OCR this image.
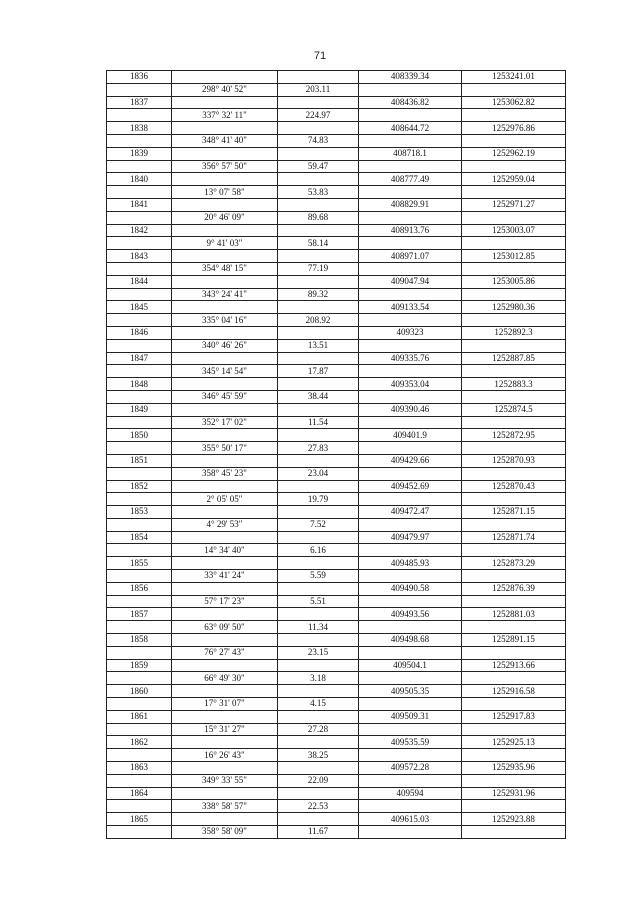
71
1836			408339.34	1253241.01
	298° 40' 52"	203.11		
1837			408436.82	1253062.82
	337° 32' 11"	224.97		
1838			408644.72	1252976.86
	348° 41' 40"	74.83		
1839			408718.1	1252962.19
	356° 57' 50"	59.47		
1840			408777.49	1252959.04
	13° 07' 58"	53.83		
1841			408829.91	1252971.27
	20° 46' 09"	89.68		
1842			408913.76	1253003.07
	9° 41' 03"	58.14		
1843			408971.07	1253012.85
	354° 48' 15"	77.19		
1844			409047.94	1253005.86
	343° 24' 41"	89.32		
1845			409133.54	1252980.36
	335° 04' 16"	208.92		
1846			409323	1252892.3
	340° 46' 26"	13.51		
1847			409335.76	1252887.85
	345° 14' 54"	17.87		
1848			409353.04	1252883.3
	346° 45' 59"	38.44		
1849			409390.46	1252874.5
	352° 17' 02"	11.54		
1850			409401.9	1252872.95
	355° 50' 17"	27.83		
1851			409429.66	1252870.93
	358° 45' 23"	23.04		
1852			409452.69	1252870.43
	2° 05' 05"	19.79		
1853			409472.47	1252871.15
	4° 29' 53"	7.52		
1854			409479.97	1252871.74
	14° 34' 40"	6.16		
1855			409485.93	1252873.29
	33° 41' 24"	5.59		
1856			409490.58	1252876.39
	57° 17' 23"	5.51		
1857			409493.56	1252881.03
	63° 09' 50"	11.34		
1858			409498.68	1252891.15
	76° 27' 43"	23.15		
1859			409504.1	1252913.66
	66° 49' 30"	3.18		
1860			409505.35	1252916.58
	17° 31' 07"	4.15		
1861			409509.31	1252917.83
	15° 31' 27"	27.28		
1862			409535.59	1252925.13
	16° 26' 43"	38.25		
1863			409572.28	1252935.96
	349° 33' 55"	22.09		
1864			409594	1252931.96
	338° 58' 57"	22.53		
1865			409615.03	1252923.88
	358° 58' 09"	11.67		
